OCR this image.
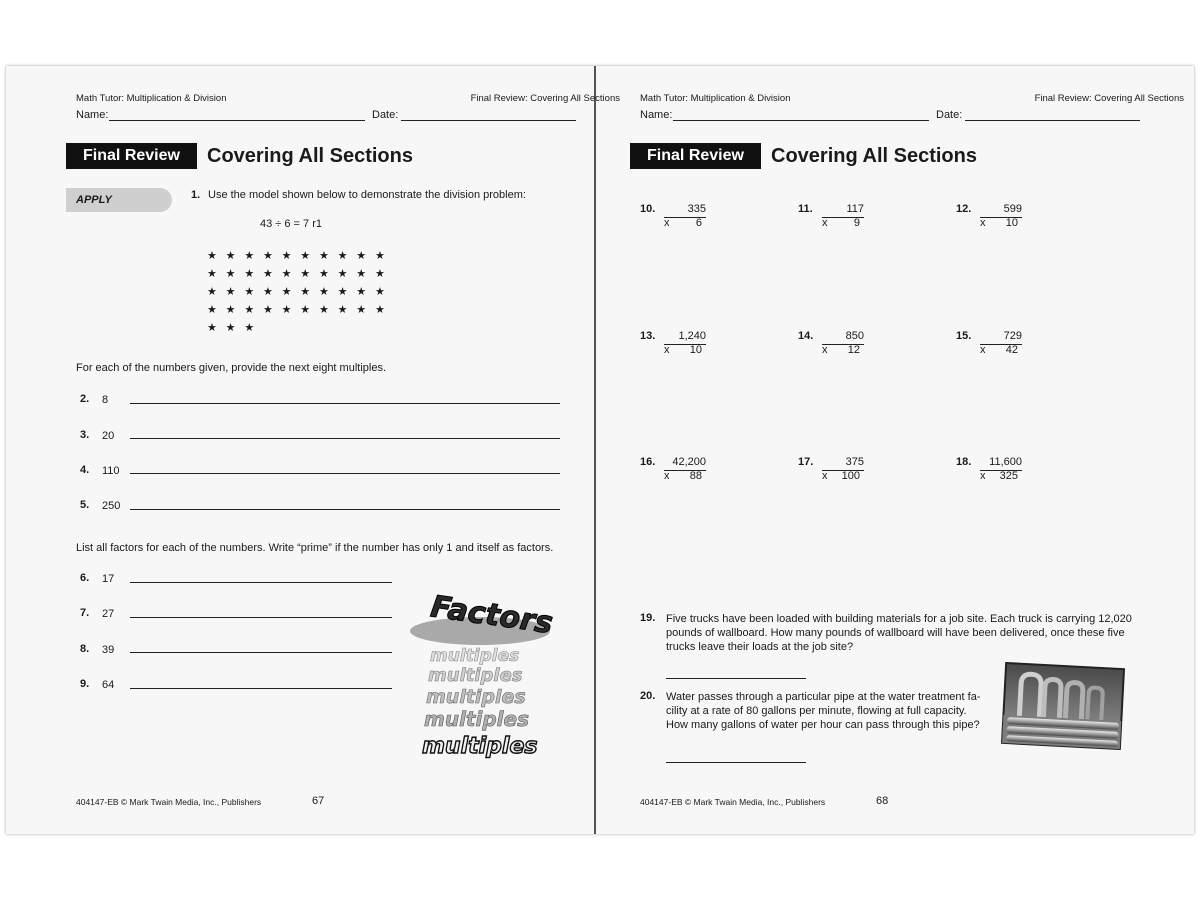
Math Tutor: Multiplication & Division	Final Review: Covering All Sections
Name:	Date:
Final Review	Covering All Sections
APPLY	1. Use the model shown below to demonstrate the division problem:
43 ÷ 6 = 7 r1
★★★★★★★★★★
★★★★★★★★★★
★★★★★★★★★★
★★★★★★★★★★
★★★
For each of the numbers given, provide the next eight multiples.
2. 8
3. 20
4. 110
5. 250
List all factors for each of the numbers. Write “prime” if the number has only 1 and itself as factors.
6. 17
7. 27
8. 39
9. 64
Factors
multiples
multiples
multiples
multiples
multiples
404147-EB © Mark Twain Media, Inc., Publishers	67
Math Tutor: Multiplication & Division	Final Review: Covering All Sections
Name:	Date:
Final Review	Covering All Sections
10.	335
x 6
11.	117
x 9
12.	599
x 10
13.	1,240
x 10
14.	850
x 12
15.	729
x 42
16.	42,200
x 88
17.	375
x 100
18.	11,600
x 325
19. Five trucks have been loaded with building materials for a job site. Each truck is carrying 12,020
pounds of wallboard. How many pounds of wallboard will have been delivered, once these five
trucks leave their loads at the job site?
20. Water passes through a particular pipe at the water treatment fa-
cility at a rate of 80 gallons per minute, flowing at full capacity.
How many gallons of water per hour can pass through this pipe?
404147-EB © Mark Twain Media, Inc., Publishers	68
